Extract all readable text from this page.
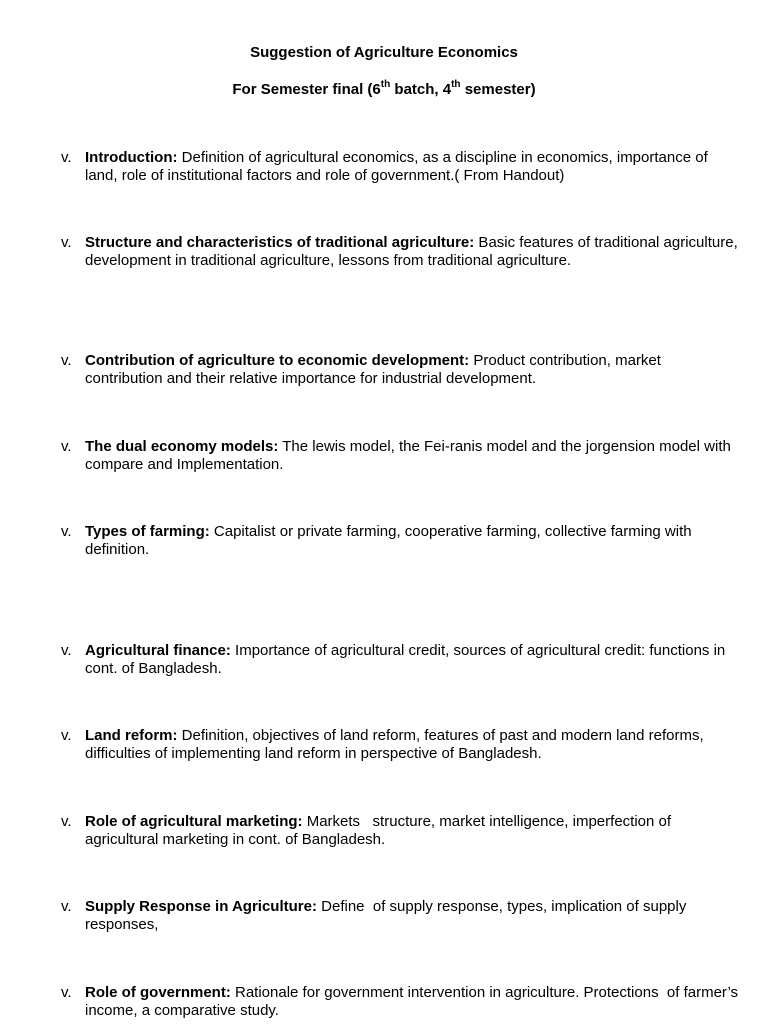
Suggestion of Agriculture Economics
For Semester final (6th batch, 4th semester)
v. Introduction: Definition of agricultural economics, as a discipline in economics, importance of land, role of institutional factors and role of government.( From Handout)
v. Structure and characteristics of traditional agriculture: Basic features of traditional agriculture, development in traditional agriculture, lessons from traditional agriculture.
v. Contribution of agriculture to economic development: Product contribution, market contribution and their relative importance for industrial development.
v. The dual economy models: The lewis model, the Fei-ranis model and the jorgension model with compare and Implementation.
v. Types of farming: Capitalist or private farming, cooperative farming, collective farming with definition.
v. Agricultural finance: Importance of agricultural credit, sources of agricultural credit: functions in cont. of Bangladesh.
v. Land reform: Definition, objectives of land reform, features of past and modern land reforms, difficulties of implementing land reform in perspective of Bangladesh.
v. Role of agricultural marketing: Markets   structure, market intelligence, imperfection of agricultural marketing in cont. of Bangladesh.
v. Supply Response in Agriculture: Define  of supply response, types, implication of supply responses,
v. Role of government: Rationale for government intervention in agriculture. Protections  of farmer’s income, a comparative study.
